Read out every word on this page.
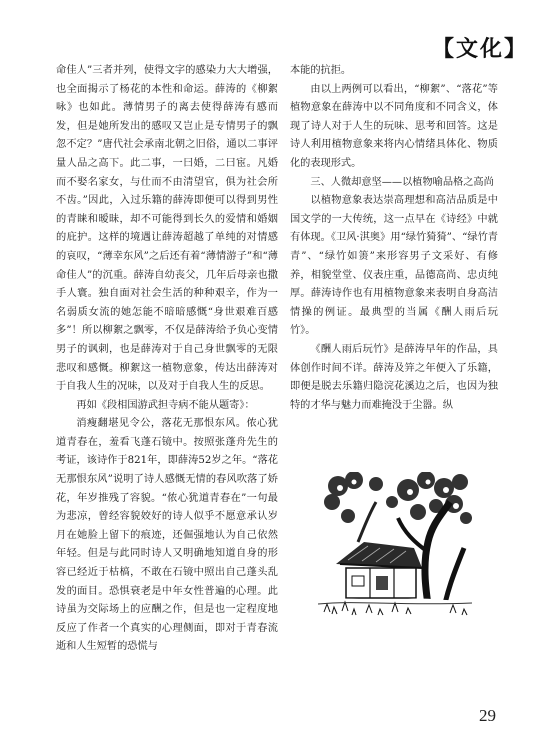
【文化】

命佳人”三者并列，使得文字的感染力大大增强，也全面揭示了杨花的本性和命运。薛涛的《柳絮咏》也如此。薄情男子的离去使得薛涛有感而发，但是她所发出的感叹又岂止是专情男子的飘忽不定？”唐代社会承南北朝之旧俗，通以二事评量人品之高下。此二事，一曰婚，二曰宦。凡婚而不娶名家女，与仕而不由清望官，俱为社会所不齿。”因此，入过乐籍的薛涛即便可以得到男性的青睐和暧昧，却不可能得到长久的爱情和婚姻的庇护。这样的境遇让薛涛超越了单纯的对情感的哀叹，“薄幸东风”之后还有着“薄情游子”和“薄命佳人”的沉重。薛涛自幼丧父，几年后母亲也撒手人寰。独自面对社会生活的种种艰辛，作为一名弱质女流的她怎能不暗暗感慨“身世艰难百感多”！所以柳絮之飘零，不仅是薛涛给予负心变情男子的讽刺，也是薛涛对于自己身世飘零的无限悲叹和感慨。柳絮这一植物意象，传达出薛涛对于自我人生的况味，以及对于自我人生的反思。

再如《段相国游武担寺病不能从题寄》：

消瘦翻堪见令公，落花无那恨东风。侬心犹道青春在，羞看飞蓬石镜中。按照张蓬舟先生的考证，该诗作于821年，即薛涛52岁之年。“落花无那恨东风”说明了诗人感慨无情的春风吹落了娇花，年岁推残了容貌。“侬心犹道青春在”一句最为悲凉，曾经容貌姣好的诗人似乎不愿意承认岁月在她脸上留下的痕迹，还倔强地认为自己依然年轻。但是与此同时诗人又明确地知道自身的形容已经近于枯槁，不敢在石镜中照出自己蓬头乱发的面目。恐惧衰老是中年女性普遍的心理。此诗虽为交际场上的应酬之作，但是也一定程度地反应了作者一个真实的心理侧面，即对于青春流逝和人生短暂的恐慌与

本能的抗拒。

由以上两例可以看出，“柳絮”、“落花”等植物意象在薛涛中以不同角度和不同含义，体现了诗人对于人生的玩味、思考和回答。这是诗人利用植物意象来将内心情绪具体化、物质化的表现形式。

三、人微却意坚——以植物喻品格之高尚

以植物意象表达崇高理想和高洁品质是中国文学的一大传统，这一点早在《诗经》中就有体现。《卫风·淇奥》用“绿竹猗猗”、“绿竹青青”、“绿竹如箦”来形容男子文采好、有修养，相貌堂堂、仪表庄重，品德高尚、忠贞纯厚。薛涛诗作也有用植物意象来表明自身高洁情操的例证。最典型的当属《酬人雨后玩竹》。

《酬人雨后玩竹》是薛涛早年的作品，具体创作时间不详。薛涛及笄之年便入了乐籍，即便是脱去乐籍归隐浣花溪边之后，也因为独特的才华与魅力而难掩没于尘嚣。纵

29
